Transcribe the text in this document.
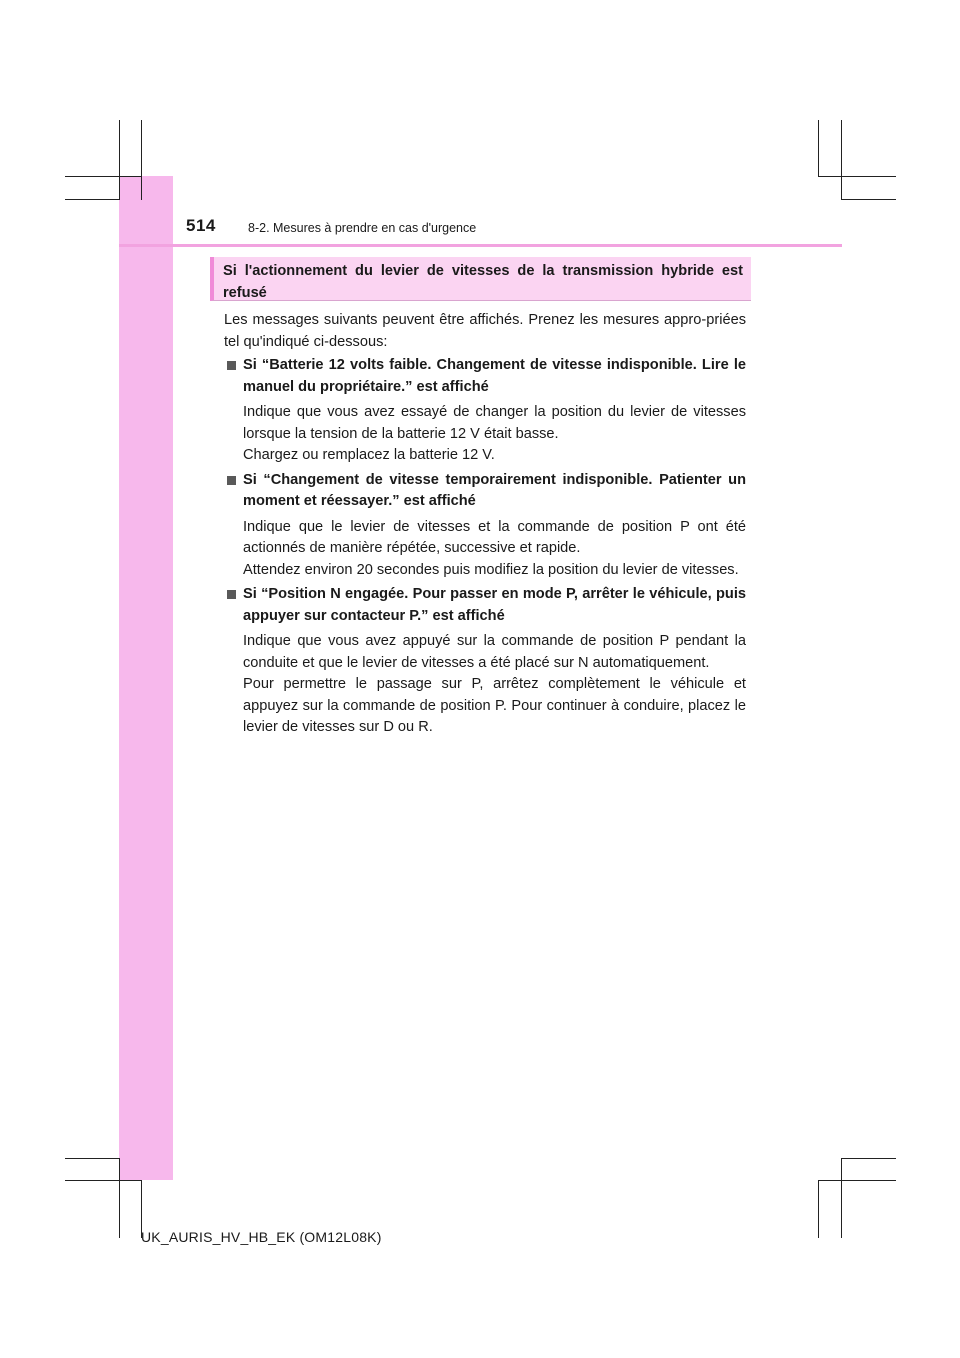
514	8-2. Mesures à prendre en cas d'urgence
Si l'actionnement du levier de vitesses de la transmission hybride est refusé

Les messages suivants peuvent être affichés. Prenez les mesures appro-priées tel qu'indiqué ci-dessous:

Si “Batterie 12 volts faible. Changement de vitesse indisponible. Lire le manuel du propriétaire.” est affiché

Indique que vous avez essayé de changer la position du levier de vitesses lorsque la tension de la batterie 12 V était basse.

Chargez ou remplacez la batterie 12 V.

Si “Changement de vitesse temporairement indisponible. Patienter un moment et réessayer.” est affiché

Indique que le levier de vitesses et la commande de position P ont été actionnés de manière répétée, successive et rapide.

Attendez environ 20 secondes puis modifiez la position du levier de vitesses.

Si “Position N engagée. Pour passer en mode P, arrêter le véhicule, puis appuyer sur contacteur P.” est affiché

Indique que vous avez appuyé sur la commande de position P pendant la conduite et que le levier de vitesses a été placé sur N automatiquement.

Pour permettre le passage sur P, arrêtez complètement le véhicule et appuyez sur la commande de position P. Pour continuer à conduire, placez le levier de vitesses sur D ou R.

UK_AURIS_HV_HB_EK (OM12L08K)
